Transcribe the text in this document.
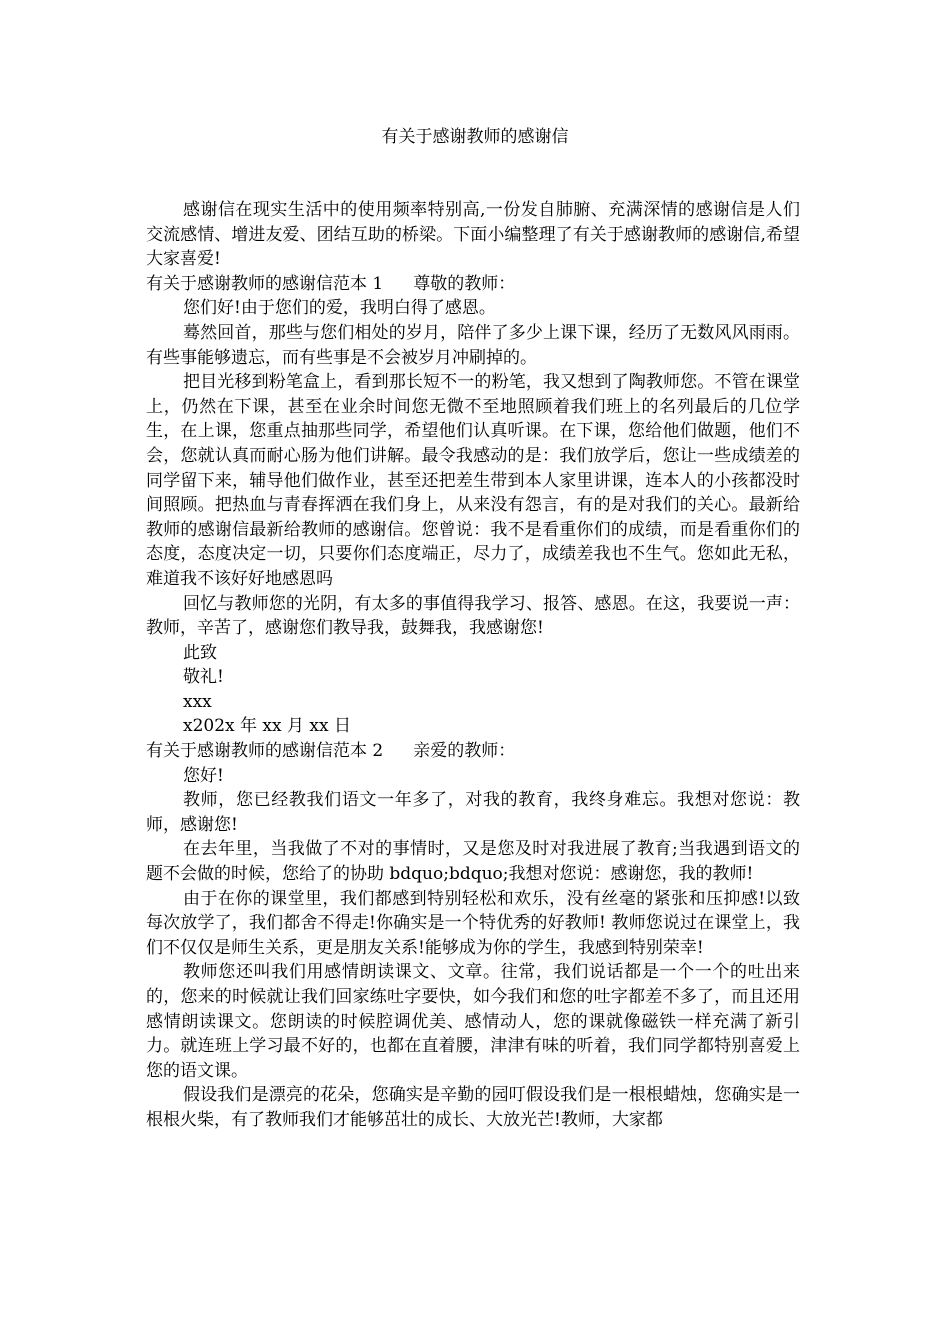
有关于感谢教师的感谢信

感谢信在现实生活中的使用频率特别高,一份发自肺腑、充满深情的感谢信是人们交流感情、增进友爱、团结互助的桥梁。下面小编整理了有关于感谢教师的感谢信,希望大家喜爱!

有关于感谢教师的感谢信范本 1 尊敬的教师：

您们好!由于您们的爱，我明白得了感恩。

蓦然回首，那些与您们相处的岁月，陪伴了多少上课下课，经历了无数风风雨雨。有些事能够遗忘，而有些事是不会被岁月冲刷掉的。

把目光移到粉笔盒上，看到那长短不一的粉笔，我又想到了陶教师您。不管在课堂上，仍然在下课，甚至在业余时间您无微不至地照顾着我们班上的名列最后的几位学生，在上课，您重点抽那些同学，希望他们认真听课。在下课，您给他们做题，他们不会，您就认真而耐心肠为他们讲解。最令我感动的是：我们放学后，您让一些成绩差的同学留下来，辅导他们做作业，甚至还把差生带到本人家里讲课，连本人的小孩都没时间照顾。把热血与青春挥洒在我们身上，从来没有怨言，有的是对我们的关心。最新给教师的感谢信最新给教师的感谢信。您曾说：我不是看重你们的成绩，而是看重你们的态度，态度决定一切，只要你们态度端正，尽力了，成绩差我也不生气。您如此无私，难道我不该好好地感恩吗

回忆与教师您的光阴，有太多的事值得我学习、报答、感恩。在这，我要说一声：教师，辛苦了，感谢您们教导我，鼓舞我，我感谢您!

此致

敬礼!

xxx

x202x 年 xx 月 xx 日

有关于感谢教师的感谢信范本 2 亲爱的教师：

您好!

教师，您已经教我们语文一年多了，对我的教育，我终身难忘。我想对您说：教师，感谢您!

在去年里，当我做了不对的事情时，又是您及时对我进展了教育;当我遇到语文的题不会做的时候，您给了的协助 bdquo;bdquo;我想对您说：感谢您，我的教师!

由于在你的课堂里，我们都感到特别轻松和欢乐，没有丝毫的紧张和压抑感!以致每次放学了，我们都舍不得走!你确实是一个特优秀的好教师! 教师您说过在课堂上，我们不仅仅是师生关系，更是朋友关系!能够成为你的学生，我感到特别荣幸!

教师您还叫我们用感情朗读课文、文章。往常，我们说话都是一个一个的吐出来的，您来的时候就让我们回家练吐字要快，如今我们和您的吐字都差不多了，而且还用感情朗读课文。您朗读的时候腔调优美、感情动人，您的课就像磁铁一样充满了新引力。就连班上学习最不好的，也都在直着腰，津津有味的听着，我们同学都特别喜爱上您的语文课。

假设我们是漂亮的花朵，您确实是辛勤的园叮假设我们是一根根蜡烛，您确实是一根根火柴，有了教师我们才能够茁壮的成长、大放光芒!教师，大家都
